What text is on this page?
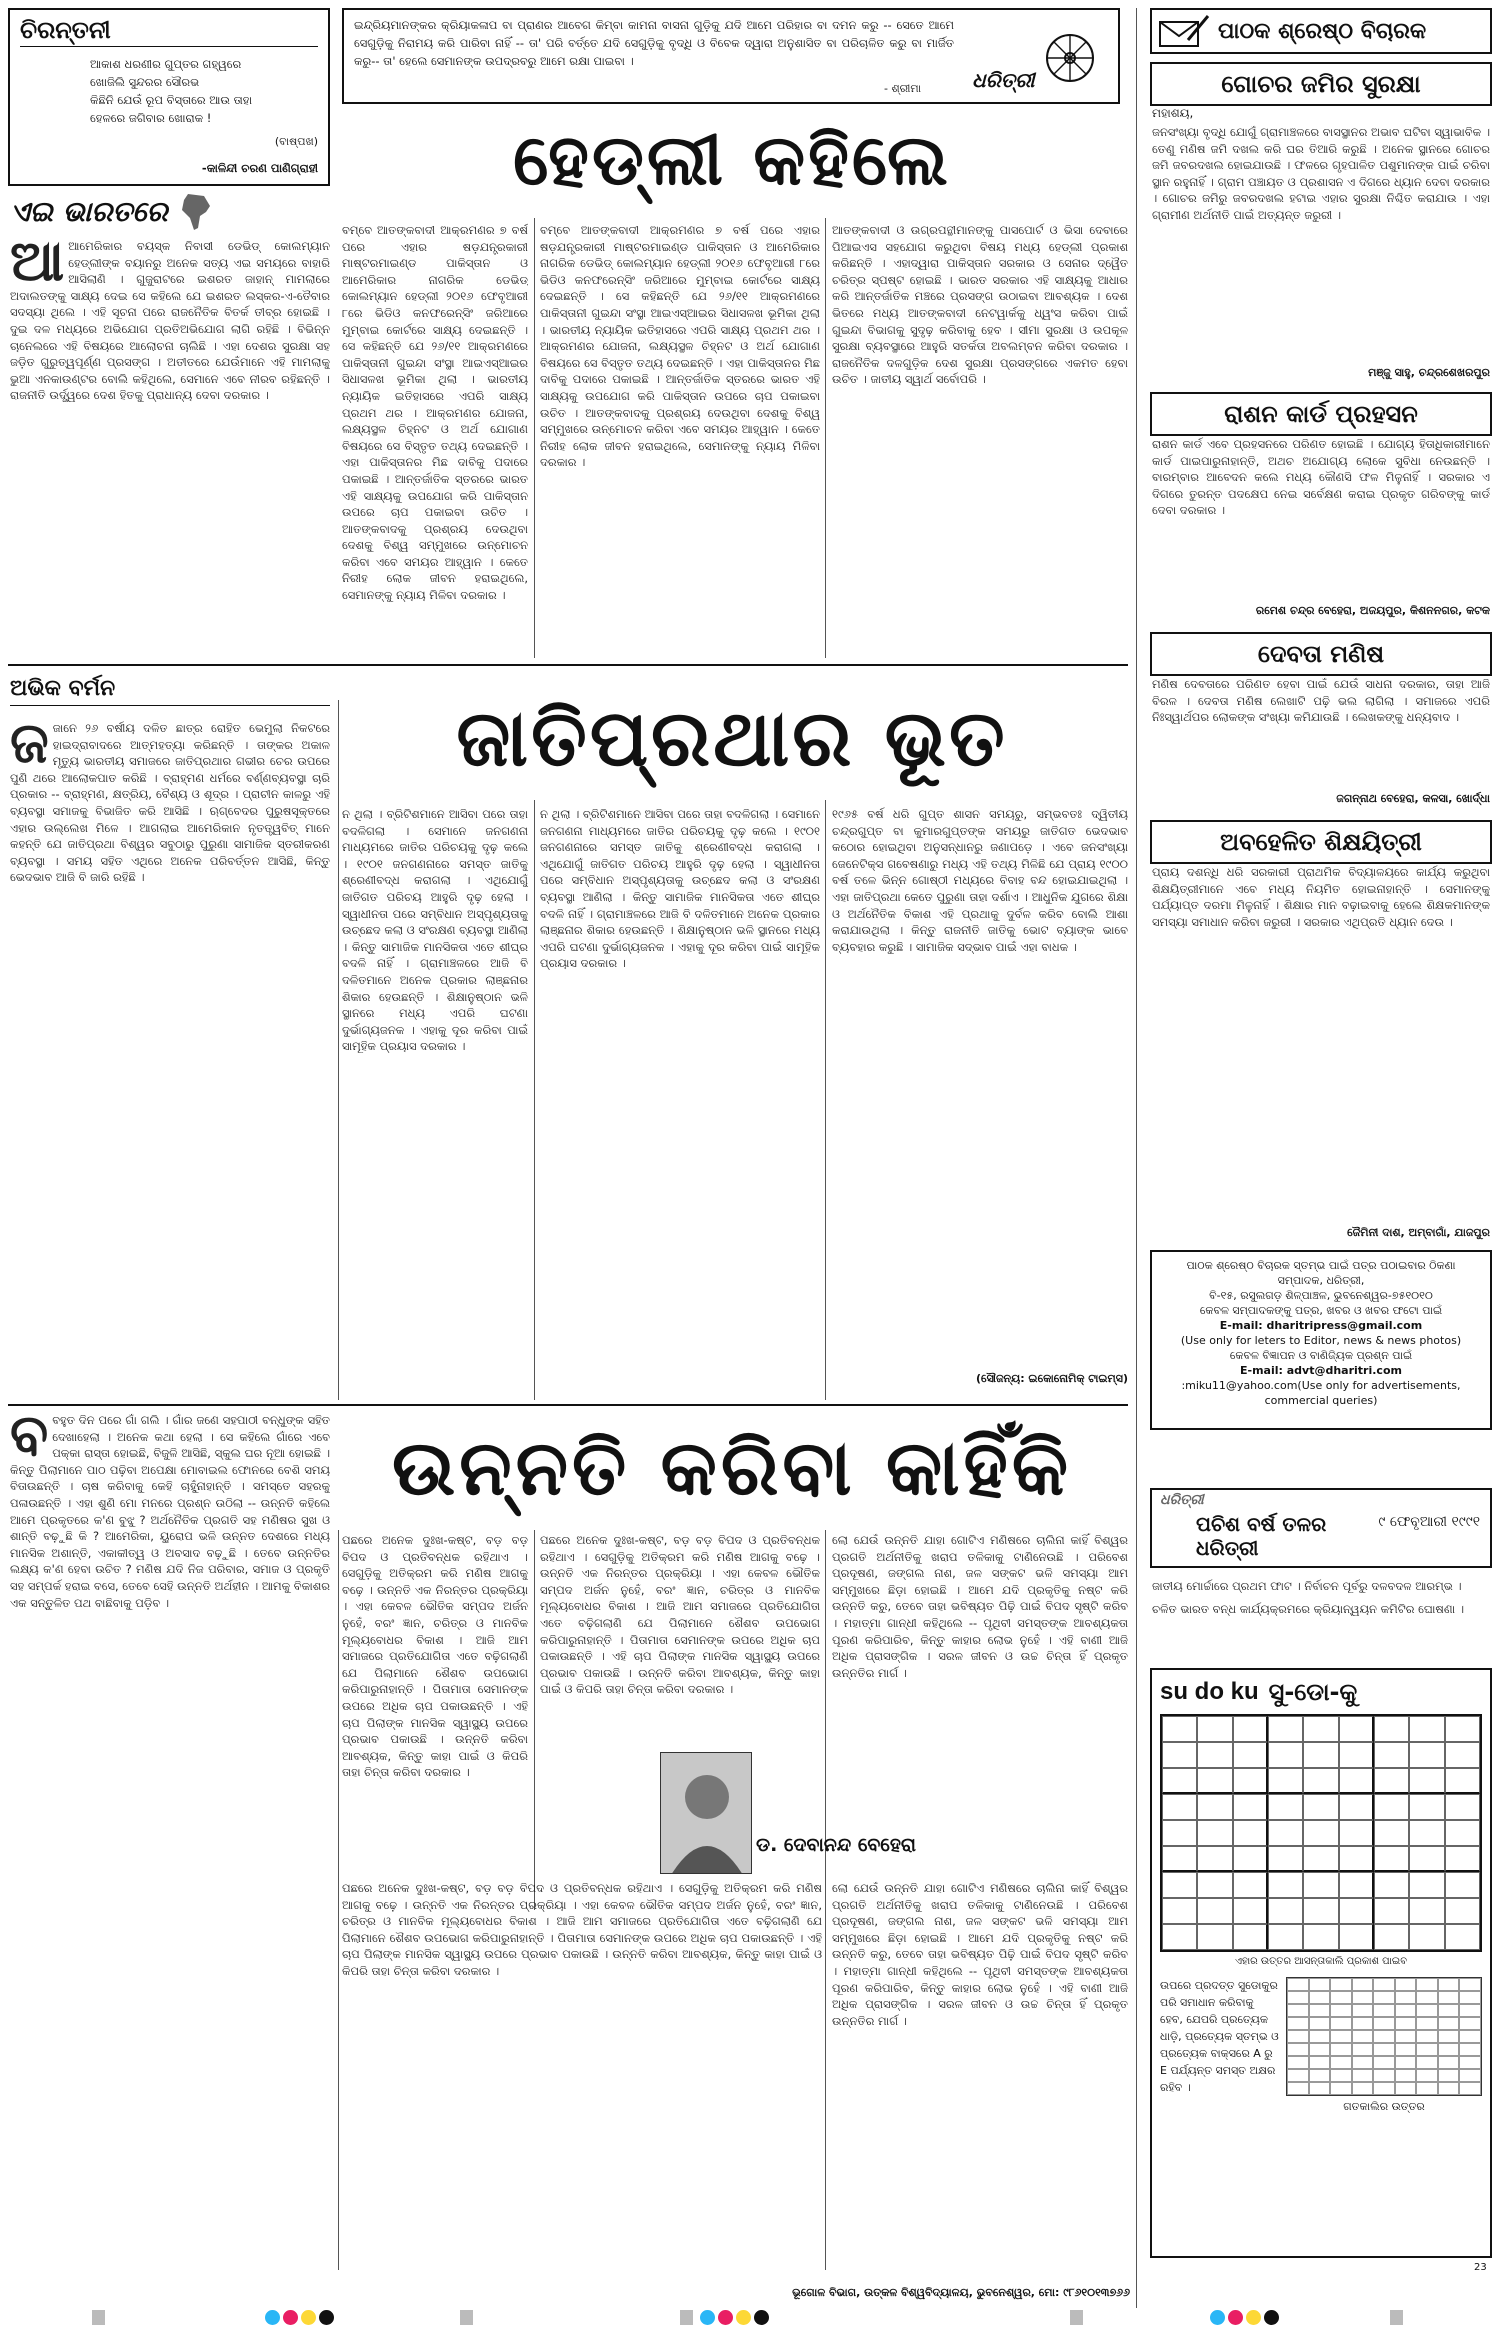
ଚିରନ୍ତନୀ
ଆକାଶ ଧରଣୀର ଗୁପ୍ତର ଗହ୍ୱରେ
ଖୋଜିଲି ସୁନ୍ଦରର ସୌରଭ
କିଛିନି ଯେଉଁ ରୂପ ବିସ୍ତାରେ ଆଉ ତାହା
ହେଳରେ ଜଗିବାର ଖୋରାକ !
(ବାଷ୍ପଖ)
-କାଳିନ୍ଦୀ ଚରଣ ପାଣିଗ୍ରାହୀ
ଇନ୍ଦ୍ରିୟମାନଙ୍କର କ୍ରିୟାକଳାପ ବା ପ୍ରାଣର ଆବେଗ କିମ୍ବା କାମନା ବାସନା ଗୁଡ଼ିକୁ ଯଦି ଆମେ ପରିହାର ବା ଦମନ କରୁ -- ସେତେ ଆମେ ସେଗୁଡ଼ିକୁ ନିରାମୟ କରି ପାରିବା ନାହିଁ -- ତା' ପରି ବର୍ତ୍ତେ ଯଦି ସେଗୁଡ଼ିକୁ ବୃଦ୍ଧି ଓ ବିବେକ ଦ୍ୱାରା ଅନୁଶାସିତ ବା ପରିଚାଳିତ କରୁ ବା ମାର୍ଜିତ କରୁ-- ତା' ହେଲେ ସେମାନଙ୍କ ଉପଦ୍ରବରୁ ଆମେ ରକ୍ଷା ପାଇବା ।
- ଶ୍ରୀମା	ଧରିତ୍ରୀ
ପାଠକ ଶ୍ରେଷ୍ଠ ବିଚାରକ
ଏଇ ଭାରତରେ
ହେଡ୍‌ଲୀ କହିଲେ
ଆ ଆମେରିକାର ବୟସ୍କ ନିବାସୀ ଡେଭିଡ୍ କୋଲମ୍ୟାନ ହେଡ୍‌ଲୀଙ୍କ ବୟାନରୁ ଅନେକ ସତ୍ୟ ଏଇ ସମୟରେ ବାହାରି ଆସିଲାଣି । ଗୁଜୁରାଟରେ ଇଶରତ ଜାହାନ୍ ମାମଲାରେ ଅଦାଲତଙ୍କୁ ସାକ୍ଷ୍ୟ ଦେଇ ସେ କହିଲେ ଯେ ଇଶରତ ଲସ୍କର-ଏ-ତୈବାର ସଦସ୍ୟା ଥିଲେ । ଏହି ସୂଚନା ପରେ ରାଜନୈତିକ ବିତର୍କ ତୀବ୍ର ହୋଇଛି । ଦୁଇ ଦଳ ମଧ୍ୟରେ ଅଭିଯୋଗ ପ୍ରତିଅଭିଯୋଗ ଲାଗି ରହିଛି । ବିଭିନ୍ନ ଚାନେଲରେ ଏହି ବିଷୟରେ ଆଲୋଚନା ଚାଲିଛି । ଏହା ଦେଶର ସୁରକ୍ଷା ସହ ଜଡ଼ିତ ଗୁରୁତ୍ୱପୂର୍ଣ୍ଣ ପ୍ରସଙ୍ଗ । ଅତୀତରେ ଯେଉଁମାନେ ଏହି ମାମଲାକୁ ଭୁଆ ଏନକାଉଣ୍ଟର ବୋଲି କହିଥିଲେ, ସେମାନେ ଏବେ ନୀରବ ରହିଛନ୍ତି । ରାଜନୀତି ଉର୍ଦ୍ଧ୍ୱରେ ଦେଶ ହିତକୁ ପ୍ରାଧାନ୍ୟ ଦେବା ଦରକାର ।
ବମ୍ବେ ଆତଙ୍କବାଦୀ ଆକ୍ରମଣର ୭ ବର୍ଷ ପରେ ଏହାର ଷଡ଼ଯନ୍ତ୍ରକାରୀ ମାଷ୍ଟରମାଇଣ୍ଡ ପାକିସ୍ତାନ ଓ ଆମେରିକାର ନାଗରିକ ଡେଭିଡ୍ କୋଲମ୍ୟାନ ହେଡ୍‌ଲୀ ୨୦୧୬ ଫେବୃଆରୀ ୮ରେ ଭିଡିଓ କନଫରେନ୍ସିଂ ଜରିଆରେ ମୁମ୍ବାଇ କୋର୍ଟରେ ସାକ୍ଷ୍ୟ ଦେଇଛନ୍ତି । ସେ କହିଛନ୍ତି ଯେ ୨୬/୧୧ ଆକ୍ରମଣରେ ପାକିସ୍ତାନୀ ଗୁଇନ୍ଦା ସଂସ୍ଥା ଆଇଏସ୍‌ଆଇର ସିଧାସଳଖ ଭୂମିକା ଥିଲା । ଭାରତୀୟ ନ୍ୟାୟିକ ଇତିହାସରେ ଏପରି ସାକ୍ଷ୍ୟ ପ୍ରଥମ ଥର । ଆକ୍ରମଣର ଯୋଜନା, ଲକ୍ଷ୍ୟସ୍ଥଳ ଚିହ୍ନଟ ଓ ଅର୍ଥ ଯୋଗାଣ ବିଷୟରେ ସେ ବିସ୍ତୃତ ତଥ୍ୟ ଦେଇଛନ୍ତି । ଏହା ପାକିସ୍ତାନର ମିଛ ଦାବିକୁ ପଦାରେ ପକାଇଛି । ଆନ୍ତର୍ଜାତିକ ସ୍ତରରେ ଭାରତ ଏହି ସାକ୍ଷ୍ୟକୁ ଉପଯୋଗ କରି ପାକିସ୍ତାନ ଉପରେ ଚାପ ପକାଇବା ଉଚିତ । ଆତଙ୍କବାଦକୁ ପ୍ରଶ୍ରୟ ଦେଉଥିବା ଦେଶକୁ ବିଶ୍ୱ ସମ୍ମୁଖରେ ଉନ୍ମୋଚନ କରିବା ଏବେ ସମୟର ଆହ୍ୱାନ । କେତେ ନିରୀହ ଲୋକ ଜୀବନ ହରାଇଥିଲେ, ସେମାନଙ୍କୁ ନ୍ୟାୟ ମିଳିବା ଦରକାର ।
ବମ୍ବେ ଆତଙ୍କବାଦୀ ଆକ୍ରମଣର ୭ ବର୍ଷ ପରେ ଏହାର ଷଡ଼ଯନ୍ତ୍ରକାରୀ ମାଷ୍ଟରମାଇଣ୍ଡ ପାକିସ୍ତାନ ଓ ଆମେରିକାର ନାଗରିକ ଡେଭିଡ୍ କୋଲମ୍ୟାନ ହେଡ୍‌ଲୀ ୨୦୧୬ ଫେବୃଆରୀ ୮ରେ ଭିଡିଓ କନଫରେନ୍ସିଂ ଜରିଆରେ ମୁମ୍ବାଇ କୋର୍ଟରେ ସାକ୍ଷ୍ୟ ଦେଇଛନ୍ତି । ସେ କହିଛନ୍ତି ଯେ ୨୬/୧୧ ଆକ୍ରମଣରେ ପାକିସ୍ତାନୀ ଗୁଇନ୍ଦା ସଂସ୍ଥା ଆଇଏସ୍‌ଆଇର ସିଧାସଳଖ ଭୂମିକା ଥିଲା । ଭାରତୀୟ ନ୍ୟାୟିକ ଇତିହାସରେ ଏପରି ସାକ୍ଷ୍ୟ ପ୍ରଥମ ଥର । ଆକ୍ରମଣର ଯୋଜନା, ଲକ୍ଷ୍ୟସ୍ଥଳ ଚିହ୍ନଟ ଓ ଅର୍ଥ ଯୋଗାଣ ବିଷୟରେ ସେ ବିସ୍ତୃତ ତଥ୍ୟ ଦେଇଛନ୍ତି । ଏହା ପାକିସ୍ତାନର ମିଛ ଦାବିକୁ ପଦାରେ ପକାଇଛି । ଆନ୍ତର୍ଜାତିକ ସ୍ତରରେ ଭାରତ ଏହି ସାକ୍ଷ୍ୟକୁ ଉପଯୋଗ କରି ପାକିସ୍ତାନ ଉପରେ ଚାପ ପକାଇବା ଉଚିତ । ଆତଙ୍କବାଦକୁ ପ୍ରଶ୍ରୟ ଦେଉଥିବା ଦେଶକୁ ବିଶ୍ୱ ସମ୍ମୁଖରେ ଉନ୍ମୋଚନ କରିବା ଏବେ ସମୟର ଆହ୍ୱାନ । କେତେ ନିରୀହ ଲୋକ ଜୀବନ ହରାଇଥିଲେ, ସେମାନଙ୍କୁ ନ୍ୟାୟ ମିଳିବା ଦରକାର ।
ଆତଙ୍କବାଦୀ ଓ ଉଗ୍ରପନ୍ଥୀମାନଙ୍କୁ ପାସପୋର୍ଟ ଓ ଭିସା ଦେବାରେ ପିଆଇଏସ ସହଯୋଗ କରୁଥିବା ବିଷୟ ମଧ୍ୟ ହେଡ୍‌ଲୀ ପ୍ରକାଶ କରିଛନ୍ତି । ଏହାଦ୍ୱାରା ପାକିସ୍ତାନ ସରକାର ଓ ସେନାର ଦ୍ୱୈତ ଚରିତ୍ର ସ୍ପଷ୍ଟ ହୋଇଛି । ଭାରତ ସରକାର ଏହି ସାକ୍ଷ୍ୟକୁ ଆଧାର କରି ଆନ୍ତର୍ଜାତିକ ମଞ୍ଚରେ ପ୍ରସଙ୍ଗ ଉଠାଇବା ଆବଶ୍ୟକ । ଦେଶ ଭିତରେ ମଧ୍ୟ ଆତଙ୍କବାଦୀ ନେଟୱାର୍କକୁ ଧ୍ୱଂସ କରିବା ପାଇଁ ଗୁଇନ୍ଦା ବିଭାଗକୁ ସୁଦୃଢ଼ କରିବାକୁ ହେବ । ସୀମା ସୁରକ୍ଷା ଓ ଉପକୂଳ ସୁରକ୍ଷା ବ୍ୟବସ୍ଥାରେ ଆହୁରି ସତର୍କତା ଅବଲମ୍ବନ କରିବା ଦରକାର । ରାଜନୈତିକ ଦଳଗୁଡ଼ିକ ଦେଶ ସୁରକ୍ଷା ପ୍ରସଙ୍ଗରେ ଏକମତ ହେବା ଉଚିତ । ଜାତୀୟ ସ୍ୱାର୍ଥ ସର୍ବୋପରି ।
ଅଭିକ ବର୍ମନ
ଜାତିପ୍ରଥାର ଭୂତ
ଜ ଜାନେ ୨୬ ବର୍ଷୀୟ ଦଳିତ ଛାତ୍ର ରୋହିତ ଭେମୁଲା ନିକଟରେ ହାଇଦ୍ରାବାଦରେ ଆତ୍ମହତ୍ୟା କରିଛନ୍ତି । ତାଙ୍କର ଅକାଳ ମୃତ୍ୟୁ ଭାରତୀୟ ସମାଜରେ ଜାତିପ୍ରଥାର ଗଭୀର ଚେର ଉପରେ ପୁଣି ଥରେ ଆଲୋକପାତ କରିଛି । ବ୍ରାହ୍ମଣ ଧର୍ମରେ ବର୍ଣ୍ଣବ୍ୟବସ୍ଥା ଚାରି ପ୍ରକାର -- ବ୍ରାହ୍ମଣ, କ୍ଷତ୍ରିୟ, ବୈଶ୍ୟ ଓ ଶୂଦ୍ର । ପ୍ରାଚୀନ କାଳରୁ ଏହି ବ୍ୟବସ୍ଥା ସମାଜକୁ ବିଭାଜିତ କରି ଆସିଛି । ଋଗ୍‌ବେଦର ପୁରୁଷସୂକ୍ତରେ ଏହାର ଉଲ୍ଲେଖ ମିଳେ । ଆଗଲାଇ ଆମେରିକାନ ନୃତତ୍ତ୍ୱବିତ୍ ମାନେ କହନ୍ତି ଯେ ଜାତିପ୍ରଥା ବିଶ୍ୱର ସବୁଠାରୁ ପୁରୁଣା ସାମାଜିକ ସ୍ତରୀକରଣ ବ୍ୟବସ୍ଥା । ସମୟ ସହିତ ଏଥିରେ ଅନେକ ପରିବର୍ତ୍ତନ ଆସିଛି, କିନ୍ତୁ ଭେଦଭାବ ଆଜି ବି ଜାରି ରହିଛି ।
ନ ଥିଲା । ବ୍ରିଟିଶମାନେ ଆସିବା ପରେ ତାହା ବଦଳିଗଲା । ସେମାନେ ଜନଗଣନା ମାଧ୍ୟମରେ ଜାତିର ପରିଚୟକୁ ଦୃଢ଼ କଲେ । ୧୯୦୧ ଜନଗଣନାରେ ସମସ୍ତ ଜାତିକୁ ଶ୍ରେଣୀବଦ୍ଧ କରାଗଲା । ଏଥିଯୋଗୁଁ ଜାତିଗତ ପରିଚୟ ଆହୁରି ଦୃଢ଼ ହେଲା । ସ୍ୱାଧୀନତା ପରେ ସମ୍ବିଧାନ ଅସ୍ପୃଶ୍ୟତାକୁ ଉଚ୍ଛେଦ କଲା ଓ ସଂରକ୍ଷଣ ବ୍ୟବସ୍ଥା ଆଣିଲା । କିନ୍ତୁ ସାମାଜିକ ମାନସିକତା ଏତେ ଶୀଘ୍ର ବଦଳି ନାହିଁ । ଗ୍ରାମାଞ୍ଚଳରେ ଆଜି ବି ଦଳିତମାନେ ଅନେକ ପ୍ରକାର ଲାଞ୍ଛନାର ଶିକାର ହେଉଛନ୍ତି । ଶିକ୍ଷାନୁଷ୍ଠାନ ଭଳି ସ୍ଥାନରେ ମଧ୍ୟ ଏପରି ଘଟଣା ଦୁର୍ଭାଗ୍ୟଜନକ । ଏହାକୁ ଦୂର କରିବା ପାଇଁ ସାମୂହିକ ପ୍ରୟାସ ଦରକାର ।
ନ ଥିଲା । ବ୍ରିଟିଶମାନେ ଆସିବା ପରେ ତାହା ବଦଳିଗଲା । ସେମାନେ ଜନଗଣନା ମାଧ୍ୟମରେ ଜାତିର ପରିଚୟକୁ ଦୃଢ଼ କଲେ । ୧୯୦୧ ଜନଗଣନାରେ ସମସ୍ତ ଜାତିକୁ ଶ୍ରେଣୀବଦ୍ଧ କରାଗଲା । ଏଥିଯୋଗୁଁ ଜାତିଗତ ପରିଚୟ ଆହୁରି ଦୃଢ଼ ହେଲା । ସ୍ୱାଧୀନତା ପରେ ସମ୍ବିଧାନ ଅସ୍ପୃଶ୍ୟତାକୁ ଉଚ୍ଛେଦ କଲା ଓ ସଂରକ୍ଷଣ ବ୍ୟବସ୍ଥା ଆଣିଲା । କିନ୍ତୁ ସାମାଜିକ ମାନସିକତା ଏତେ ଶୀଘ୍ର ବଦଳି ନାହିଁ । ଗ୍ରାମାଞ୍ଚଳରେ ଆଜି ବି ଦଳିତମାନେ ଅନେକ ପ୍ରକାର ଲାଞ୍ଛନାର ଶିକାର ହେଉଛନ୍ତି । ଶିକ୍ଷାନୁଷ୍ଠାନ ଭଳି ସ୍ଥାନରେ ମଧ୍ୟ ଏପରି ଘଟଣା ଦୁର୍ଭାଗ୍ୟଜନକ । ଏହାକୁ ଦୂର କରିବା ପାଇଁ ସାମୂହିକ ପ୍ରୟାସ ଦରକାର ।
୧୯୬୫ ବର୍ଷ ଧରି ଗୁପ୍ତ ଶାସନ ସମୟରୁ, ସମ୍ଭବତଃ ଦ୍ୱିତୀୟ ଚନ୍ଦ୍ରଗୁପ୍ତ ବା କୁମାରଗୁପ୍ତଙ୍କ ସମୟରୁ ଜାତିଗତ ଭେଦଭାବ କଠୋର ହୋଇଥିବା ଅନୁସନ୍ଧାନରୁ ଜଣାପଡ଼େ । ଏବେ ଜନସଂଖ୍ୟା ଜେନେଟିକ୍ସ ଗବେଷଣାରୁ ମଧ୍ୟ ଏହି ତଥ୍ୟ ମିଳିଛି ଯେ ପ୍ରାୟ ୧୯୦୦ ବର୍ଷ ତଳେ ଭିନ୍ନ ଗୋଷ୍ଠୀ ମଧ୍ୟରେ ବିବାହ ବନ୍ଦ ହୋଇଯାଇଥିଲା । ଏହା ଜାତିପ୍ରଥା କେତେ ପୁରୁଣା ତାହା ଦର୍ଶାଏ । ଆଧୁନିକ ଯୁଗରେ ଶିକ୍ଷା ଓ ଅର୍ଥନୈତିକ ବିକାଶ ଏହି ପ୍ରଥାକୁ ଦୁର୍ବଳ କରିବ ବୋଲି ଆଶା କରାଯାଉଥିଲା । କିନ୍ତୁ ରାଜନୀତି ଜାତିକୁ ଭୋଟ ବ୍ୟାଙ୍କ ଭାବେ ବ୍ୟବହାର କରୁଛି । ସାମାଜିକ ସଦ୍‌ଭାବ ପାଇଁ ଏହା ବାଧକ ।
(ସୌଜନ୍ୟ: ଇକୋନୋମିକ୍ ଟାଇମ୍ସ)
ଉନ୍ନତି କରିବା କାହିଁକି
ବ ବହୁତ ଦିନ ପରେ ଗାଁ ଗଲି । ଗାଁର ଜଣେ ସହପାଠୀ ବନ୍ଧୁଙ୍କ ସହିତ ଦେଖାହେଲା । ଅନେକ କଥା ହେଲା । ସେ କହିଲେ ଗାଁରେ ଏବେ ପକ୍କା ରାସ୍ତା ହୋଇଛି, ବିଜୁଳି ଆସିଛି, ସ୍କୁଲ ଘର ନୂଆ ହୋଇଛି । କିନ୍ତୁ ପିଲାମାନେ ପାଠ ପଢ଼ିବା ଅପେକ୍ଷା ମୋବାଇଲ ଫୋନରେ ବେଶି ସମୟ ବିତାଉଛନ୍ତି । ଚାଷ କରିବାକୁ କେହି ଚାହୁଁନାହାନ୍ତି । ସମସ୍ତେ ସହରକୁ ପଳାଉଛନ୍ତି । ଏହା ଶୁଣି ମୋ ମନରେ ପ୍ରଶ୍ନ ଉଠିଲା -- ଉନ୍ନତି କହିଲେ ଆମେ ପ୍ରକୃତରେ କ'ଣ ବୁଝୁ ? ଅର୍ଥନୈତିକ ପ୍ରଗତି ସହ ମଣିଷର ସୁଖ ଓ ଶାନ୍ତି ବଢ଼ୁଛି କି ? ଆମେରିକା, ୟୁରୋପ ଭଳି ଉନ୍ନତ ଦେଶରେ ମଧ୍ୟ ମାନସିକ ଅଶାନ୍ତି, ଏକାକୀତ୍ୱ ଓ ଅବସାଦ ବଢ଼ୁଛି । ତେବେ ଉନ୍ନତିର ଲକ୍ଷ୍ୟ କ'ଣ ହେବା ଉଚିତ ? ମଣିଷ ଯଦି ନିଜ ପରିବାର, ସମାଜ ଓ ପ୍ରକୃତି ସହ ସମ୍ପର୍କ ହରାଇ ବସେ, ତେବେ ସେହି ଉନ୍ନତି ଅର୍ଥହୀନ । ଆମକୁ ବିକାଶର ଏକ ସନ୍ତୁଳିତ ପଥ ବାଛିବାକୁ ପଡ଼ିବ ।
ପଛରେ ଅନେକ ଦୁଃଖ-କଷ୍ଟ, ବଡ଼ ବଡ଼ ବିପଦ ଓ ପ୍ରତିବନ୍ଧକ ରହିଥାଏ । ସେଗୁଡ଼ିକୁ ଅତିକ୍ରମ କରି ମଣିଷ ଆଗକୁ ବଢ଼େ । ଉନ୍ନତି ଏକ ନିରନ୍ତର ପ୍ରକ୍ରିୟା । ଏହା କେବଳ ଭୌତିକ ସମ୍ପଦ ଅର୍ଜନ ନୁହେଁ, ବରଂ ଜ୍ଞାନ, ଚରିତ୍ର ଓ ମାନବିକ ମୂଲ୍ୟବୋଧର ବିକାଶ । ଆଜି ଆମ ସମାଜରେ ପ୍ରତିଯୋଗିତା ଏତେ ବଢ଼ିଗଲାଣି ଯେ ପିଲାମାନେ ଶୈଶବ ଉପଭୋଗ କରିପାରୁନାହାନ୍ତି । ପିତାମାତା ସେମାନଙ୍କ ଉପରେ ଅଧିକ ଚାପ ପକାଉଛନ୍ତି । ଏହି ଚାପ ପିଲାଙ୍କ ମାନସିକ ସ୍ୱାସ୍ଥ୍ୟ ଉପରେ ପ୍ରଭାବ ପକାଉଛି । ଉନ୍ନତି କରିବା ଆବଶ୍ୟକ, କିନ୍ତୁ କାହା ପାଇଁ ଓ କିପରି ତାହା ଚିନ୍ତା କରିବା ଦରକାର ।
ପଛରେ ଅନେକ ଦୁଃଖ-କଷ୍ଟ, ବଡ଼ ବଡ଼ ବିପଦ ଓ ପ୍ରତିବନ୍ଧକ ରହିଥାଏ । ସେଗୁଡ଼ିକୁ ଅତିକ୍ରମ କରି ମଣିଷ ଆଗକୁ ବଢ଼େ । ଉନ୍ନତି ଏକ ନିରନ୍ତର ପ୍ରକ୍ରିୟା । ଏହା କେବଳ ଭୌତିକ ସମ୍ପଦ ଅର୍ଜନ ନୁହେଁ, ବରଂ ଜ୍ଞାନ, ଚରିତ୍ର ଓ ମାନବିକ ମୂଲ୍ୟବୋଧର ବିକାଶ । ଆଜି ଆମ ସମାଜରେ ପ୍ରତିଯୋଗିତା ଏତେ ବଢ଼ିଗଲାଣି ଯେ ପିଲାମାନେ ଶୈଶବ ଉପଭୋଗ କରିପାରୁନାହାନ୍ତି । ପିତାମାତା ସେମାନଙ୍କ ଉପରେ ଅଧିକ ଚାପ ପକାଉଛନ୍ତି । ଏହି ଚାପ ପିଲାଙ୍କ ମାନସିକ ସ୍ୱାସ୍ଥ୍ୟ ଉପରେ ପ୍ରଭାବ ପକାଉଛି । ଉନ୍ନତି କରିବା ଆବଶ୍ୟକ, କିନ୍ତୁ କାହା ପାଇଁ ଓ କିପରି ତାହା ଚିନ୍ତା କରିବା ଦରକାର ।
ଡ. ଦେବାନନ୍ଦ ବେହେରା
ପଛରେ ଅନେକ ଦୁଃଖ-କଷ୍ଟ, ବଡ଼ ବଡ଼ ବିପଦ ଓ ପ୍ରତିବନ୍ଧକ ରହିଥାଏ । ସେଗୁଡ଼ିକୁ ଅତିକ୍ରମ କରି ମଣିଷ ଆଗକୁ ବଢ଼େ । ଉନ୍ନତି ଏକ ନିରନ୍ତର ପ୍ରକ୍ରିୟା । ଏହା କେବଳ ଭୌତିକ ସମ୍ପଦ ଅର୍ଜନ ନୁହେଁ, ବରଂ ଜ୍ଞାନ, ଚରିତ୍ର ଓ ମାନବିକ ମୂଲ୍ୟବୋଧର ବିକାଶ । ଆଜି ଆମ ସମାଜରେ ପ୍ରତିଯୋଗିତା ଏତେ ବଢ଼ିଗଲାଣି ଯେ ପିଲାମାନେ ଶୈଶବ ଉପଭୋଗ କରିପାରୁନାହାନ୍ତି । ପିତାମାତା ସେମାନଙ୍କ ଉପରେ ଅଧିକ ଚାପ ପକାଉଛନ୍ତି । ଏହି ଚାପ ପିଲାଙ୍କ ମାନସିକ ସ୍ୱାସ୍ଥ୍ୟ ଉପରେ ପ୍ରଭାବ ପକାଉଛି । ଉନ୍ନତି କରିବା ଆବଶ୍ୟକ, କିନ୍ତୁ କାହା ପାଇଁ ଓ କିପରି ତାହା ଚିନ୍ତା କରିବା ଦରକାର ।
ଲୋ ଯେଉଁ ଉନ୍ନତି ଯାହା ଗୋଟିଏ ମଣିଷରେ ଚାଲିନା କାହିଁ ବିଶ୍ୱର ପ୍ରଗତି ଅର୍ଥନୀତିକୁ ଖରାପ ତଳିକାକୁ ଟାଣିନେଉଛି । ପରିବେଶ ପ୍ରଦୂଷଣ, ଜଙ୍ଗଲ ନାଶ, ଜଳ ସଙ୍କଟ ଭଳି ସମସ୍ୟା ଆମ ସମ୍ମୁଖରେ ଛିଡ଼ା ହୋଇଛି । ଆମେ ଯଦି ପ୍ରକୃତିକୁ ନଷ୍ଟ କରି ଉନ୍ନତି କରୁ, ତେବେ ତାହା ଭବିଷ୍ୟତ ପିଢ଼ି ପାଇଁ ବିପଦ ସୃଷ୍ଟି କରିବ । ମହାତ୍ମା ଗାନ୍ଧୀ କହିଥିଲେ -- ପୃଥିବୀ ସମସ୍ତଙ୍କ ଆବଶ୍ୟକତା ପୂରଣ କରିପାରିବ, କିନ୍ତୁ କାହାର ଲୋଭ ନୁହେଁ । ଏହି ବାଣୀ ଆଜି ଅଧିକ ପ୍ରାସଙ୍ଗିକ । ସରଳ ଜୀବନ ଓ ଉଚ୍ଚ ଚିନ୍ତା ହିଁ ପ୍ରକୃତ ଉନ୍ନତିର ମାର୍ଗ ।
ଲୋ ଯେଉଁ ଉନ୍ନତି ଯାହା ଗୋଟିଏ ମଣିଷରେ ଚାଲିନା କାହିଁ ବିଶ୍ୱର ପ୍ରଗତି ଅର୍ଥନୀତିକୁ ଖରାପ ତଳିକାକୁ ଟାଣିନେଉଛି । ପରିବେଶ ପ୍ରଦୂଷଣ, ଜଙ୍ଗଲ ନାଶ, ଜଳ ସଙ୍କଟ ଭଳି ସମସ୍ୟା ଆମ ସମ୍ମୁଖରେ ଛିଡ଼ା ହୋଇଛି । ଆମେ ଯଦି ପ୍ରକୃତିକୁ ନଷ୍ଟ କରି ଉନ୍ନତି କରୁ, ତେବେ ତାହା ଭବିଷ୍ୟତ ପିଢ଼ି ପାଇଁ ବିପଦ ସୃଷ୍ଟି କରିବ । ମହାତ୍ମା ଗାନ୍ଧୀ କହିଥିଲେ -- ପୃଥିବୀ ସମସ୍ତଙ୍କ ଆବଶ୍ୟକତା ପୂରଣ କରିପାରିବ, କିନ୍ତୁ କାହାର ଲୋଭ ନୁହେଁ । ଏହି ବାଣୀ ଆଜି ଅଧିକ ପ୍ରାସଙ୍ଗିକ । ସରଳ ଜୀବନ ଓ ଉଚ୍ଚ ଚିନ୍ତା ହିଁ ପ୍ରକୃତ ଉନ୍ନତିର ମାର୍ଗ ।
ଭୂଗୋଳ ବିଭାଗ, ଉତ୍କଳ ବିଶ୍ୱବିଦ୍ୟାଳୟ, ଭୁବନେଶ୍ୱର, ମୋ: ୯୮୬୧୦୧୩୭୬୬
ଗୋଚର ଜମିର ସୁରକ୍ଷା
ମହାଶୟ,
ଜନସଂଖ୍ୟା ବୃଦ୍ଧି ଯୋଗୁଁ ଗ୍ରାମାଞ୍ଚଳରେ ବାସସ୍ଥାନର ଅଭାବ ଘଟିବା ସ୍ୱାଭାବିକ । ତେଣୁ ମଣିଷ ଜମି ଦଖଲ କରି ଘର ତିଆରି କରୁଛି । ଅନେକ ସ୍ଥାନରେ ଗୋଚର ଜମି ଜବରଦଖଲ ହୋଇଯାଉଛି । ଫଳରେ ଗୃହପାଳିତ ପଶୁମାନଙ୍କ ପାଇଁ ଚରିବା ସ୍ଥାନ ରହୁନାହିଁ । ଗ୍ରାମ ପଞ୍ଚାୟତ ଓ ପ୍ରଶାସନ ଏ ଦିଗରେ ଧ୍ୟାନ ଦେବା ଦରକାର । ଗୋଚର ଜମିରୁ ଜବରଦଖଲ ହଟାଇ ଏହାର ସୁରକ୍ଷା ନିଶ୍ଚିତ କରାଯାଉ । ଏହା ଗ୍ରାମୀଣ ଅର୍ଥନୀତି ପାଇଁ ଅତ୍ୟନ୍ତ ଜରୁରୀ ।
ମଞ୍ଜୁ ସାହୁ, ଚନ୍ଦ୍ରଶେଖରପୁର
ରାଶନ କାର୍ଡ ପ୍ରହସନ
ରାଶନ କାର୍ଡ ଏବେ ପ୍ରହସନରେ ପରିଣତ ହୋଇଛି । ଯୋଗ୍ୟ ହିତାଧିକାରୀମାନେ କାର୍ଡ ପାଇପାରୁନାହାନ୍ତି, ଅଥଚ ଅଯୋଗ୍ୟ ଲୋକେ ସୁବିଧା ନେଉଛନ୍ତି । ବାରମ୍ବାର ଆବେଦନ କଲେ ମଧ୍ୟ କୌଣସି ଫଳ ମିଳୁନାହିଁ । ସରକାର ଏ ଦିଗରେ ତୁରନ୍ତ ପଦକ୍ଷେପ ନେଇ ସର୍ବେକ୍ଷଣ କରାଇ ପ୍ରକୃତ ଗରିବଙ୍କୁ କାର୍ଡ ଦେବା ଦରକାର ।
ରମେଶ ଚନ୍ଦ୍ର ବେହେରା, ଅଜୟପୁର, କିଶନନଗର, କଟକ
ଦେବତା ମଣିଷ
ମଣିଷ ଦେବତାରେ ପରିଣତ ହେବା ପାଇଁ ଯେଉଁ ସାଧନା ଦରକାର, ତାହା ଆଜି ବିରଳ । ଦେବତା ମଣିଷ ଲେଖାଟି ପଢ଼ି ଭଲ ଲାଗିଲା । ସମାଜରେ ଏପରି ନିଃସ୍ୱାର୍ଥପର ଲୋକଙ୍କ ସଂଖ୍ୟା କମିଯାଉଛି । ଲେଖକଙ୍କୁ ଧନ୍ୟବାଦ ।
ଜଗନ୍ନାଥ ବେହେରା, କଳସା, ଖୋର୍ଦ୍ଧା
ଅବହେଳିତ ଶିକ୍ଷୟିତ୍ରୀ
ପ୍ରାୟ ଦଶନ୍ଧି ଧରି ସରକାରୀ ପ୍ରାଥମିକ ବିଦ୍ୟାଳୟରେ କାର୍ଯ୍ୟ କରୁଥିବା ଶିକ୍ଷୟିତ୍ରୀମାନେ ଏବେ ମଧ୍ୟ ନିୟମିତ ହୋଇନାହାନ୍ତି । ସେମାନଙ୍କୁ ପର୍ଯ୍ୟାପ୍ତ ଦରମା ମିଳୁନାହିଁ । ଶିକ୍ଷାର ମାନ ବଢ଼ାଇବାକୁ ହେଲେ ଶିକ୍ଷକମାନଙ୍କ ସମସ୍ୟା ସମାଧାନ କରିବା ଜରୁରୀ । ସରକାର ଏଥିପ୍ରତି ଧ୍ୟାନ ଦେଉ ।
ଜୈମିନୀ ଦାଶ, ଅମ୍ବାଗାଁ, ଯାଜପୁର
ପାଠକ ଶ୍ରେଷ୍ଠ ବିଚାରକ ସ୍ତମ୍ଭ ପାଇଁ ପତ୍ର ପଠାଇବାର ଠିକଣା
ସମ୍ପାଦକ, ଧରିତ୍ରୀ,
ବି-୧୫, ରସୁଲଗଡ଼ ଶିଳ୍ପାଞ୍ଚଳ, ଭୁବନେଶ୍ୱର-୭୫୧୦୧୦
କେବଳ ସମ୍ପାଦକଙ୍କୁ ପତ୍ର, ଖବର ଓ ଖବର ଫଟୋ ପାଇଁ
E-mail: dharitripress@gmail.com
(Use only for leters to Editor, news & news photos)
କେବଳ ବିଜ୍ଞାପନ ଓ ବାଣିଜ୍ୟିକ ପ୍ରଶ୍ନ ପାଇଁ
E-mail: advt@dharitri.com
:miku11@yahoo.com(Use only for advertisements, commercial queries)
ଧରିତ୍ରୀ
ପଚିଶ ବର୍ଷ ତଳର ଧରିତ୍ରୀ
୯ ଫେବୃଆରୀ ୧୯୯୧
ଜାତୀୟ ମୋର୍ଚ୍ଚାରେ ପ୍ରଥମ ଫାଟ । ନିର୍ବାଚନ ପୂର୍ବରୁ ଦଳବଦଳ ଆରମ୍ଭ ।
ଚଳିତ ଭାରତ ବନ୍ଧ କାର୍ଯ୍ୟକ୍ରମରେ କ୍ରିୟାନ୍ୱୟନ କମିଟିର ଘୋଷଣା ।
su do ku ସୁ-ଡୋ-କୁ
ଏହାର ଉତ୍ତର ଆସନ୍ତାକାଲି ପ୍ରକାଶ ପାଇବ
ଉପରେ ପ୍ରଦତ୍ତ ସୁଡୋକୁର ପରି ସମାଧାନ କରିବାକୁ ହେବ, ଯେପରି ପ୍ରତ୍ୟେକ ଧାଡ଼ି, ପ୍ରତ୍ୟେକ ସ୍ତମ୍ଭ ଓ ପ୍ରତ୍ୟେକ ବାକ୍ସରେ A ରୁ E ପର୍ଯ୍ୟନ୍ତ ସମସ୍ତ ଅକ୍ଷର ରହିବ ।
ଗତକାଲିର ଉତ୍ତର
23
